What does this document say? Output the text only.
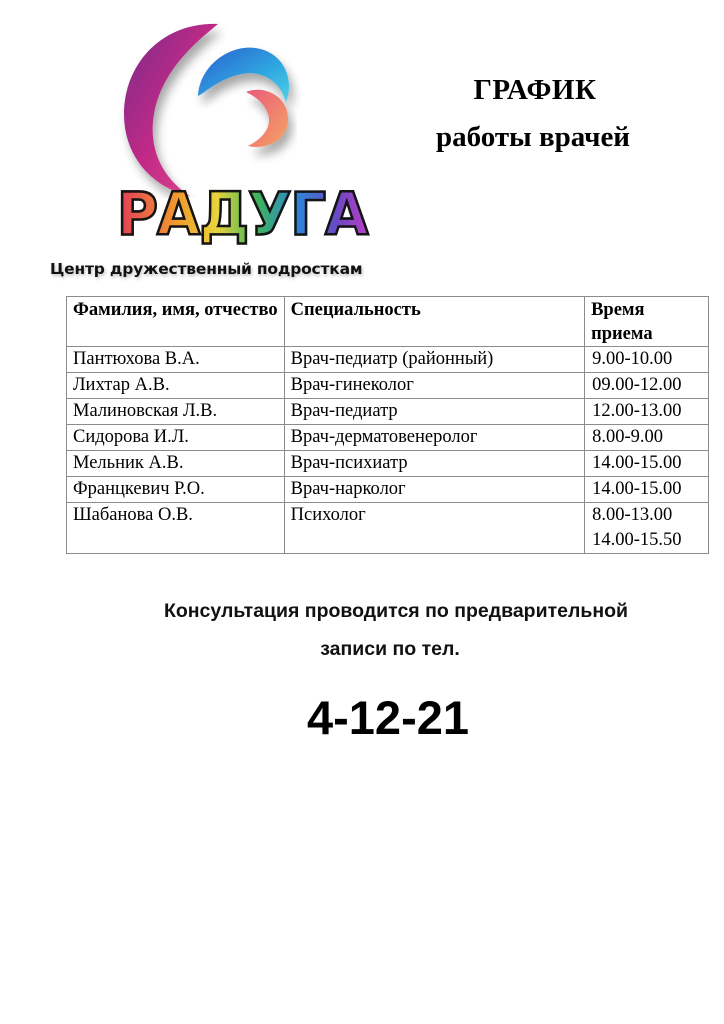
РАДУГА
Центр дружественный подросткам
ГРАФИК
работы врачей
Фамилия, имя, отчество	Специальность	Время приема
Пантюхова В.А.	Врач-педиатр (районный)	9.00-10.00
Лихтар А.В.	Врач-гинеколог	09.00-12.00
Малиновская Л.В.	Врач-педиатр	12.00-13.00
Сидорова И.Л.	Врач-дерматовенеролог	8.00-9.00
Мельник А.В.	Врач-психиатр	14.00-15.00
Францкевич Р.О.	Врач-нарколог	14.00-15.00
Шабанова О.В.	Психолог	8.00-13.00
14.00-15.50
Консультация проводится по предварительной
записи по тел.
4-12-21
